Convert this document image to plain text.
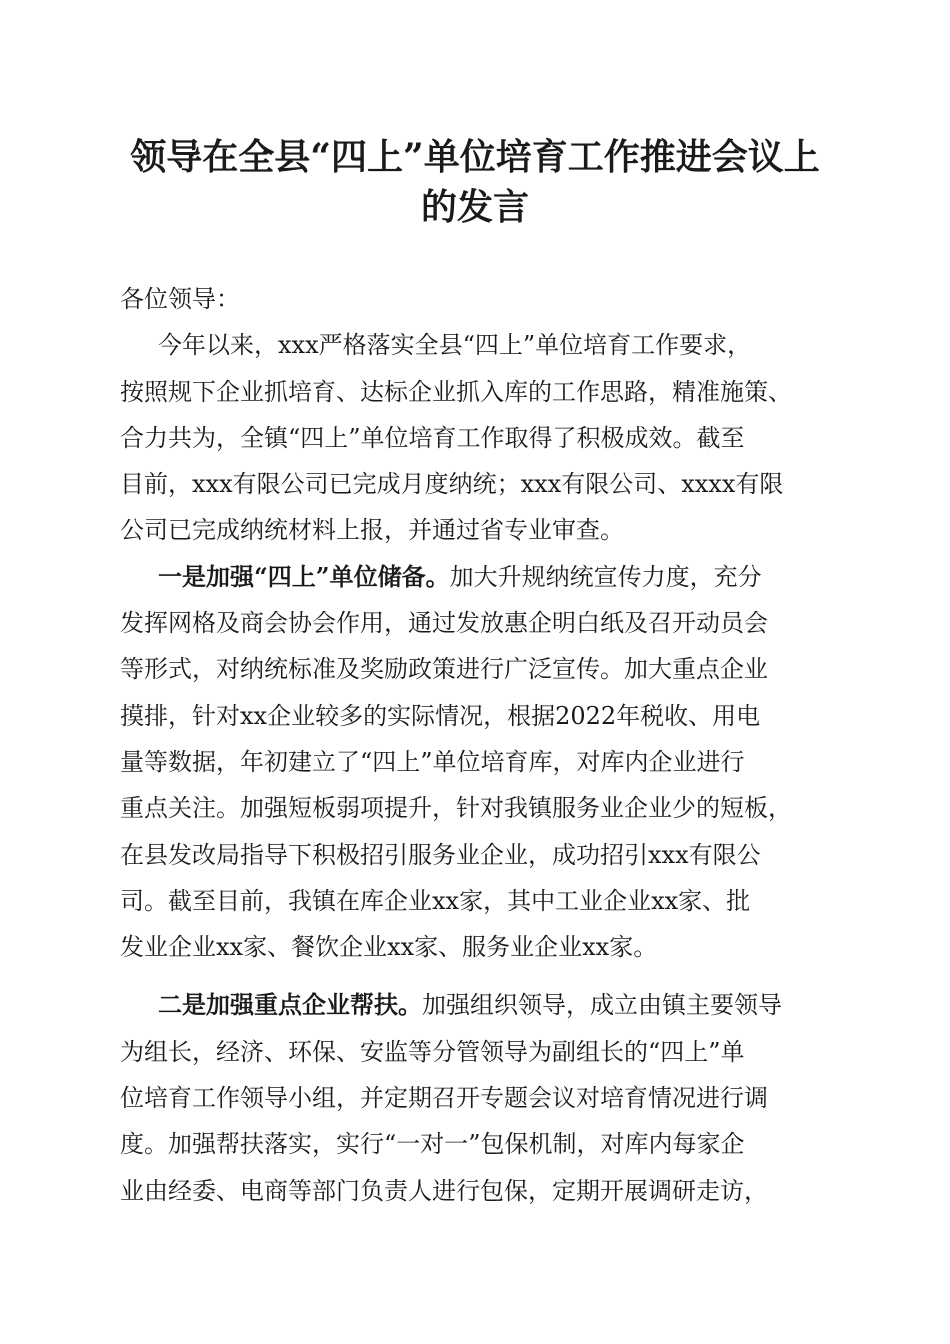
领导在全县“四上”单位培育工作推进会议上
的发言
各位领导：
今年以来，xxx严格落实全县“四上”单位培育工作要求，
按照规下企业抓培育、达标企业抓入库的工作思路，精准施策、
合力共为，全镇“四上”单位培育工作取得了积极成效。截至
目前，xxx有限公司已完成月度纳统；xxx有限公司、xxxx有限
公司已完成纳统材料上报，并通过省专业审查。
一是加强“四上”单位储备。加大升规纳统宣传力度，充分
发挥网格及商会协会作用，通过发放惠企明白纸及召开动员会
等形式，对纳统标准及奖励政策进行广泛宣传。加大重点企业
摸排，针对xx企业较多的实际情况，根据2022年税收、用电
量等数据，年初建立了“四上”单位培育库，对库内企业进行
重点关注。加强短板弱项提升，针对我镇服务业企业少的短板，
在县发改局指导下积极招引服务业企业，成功招引xxx有限公
司。截至目前，我镇在库企业xx家，其中工业企业xx家、批
发业企业xx家、餐饮企业xx家、服务业企业xx家。
二是加强重点企业帮扶。加强组织领导，成立由镇主要领导
为组长，经济、环保、安监等分管领导为副组长的“四上”单
位培育工作领导小组，并定期召开专题会议对培育情况进行调
度。加强帮扶落实，实行“一对一”包保机制，对库内每家企
业由经委、电商等部门负责人进行包保，定期开展调研走访，
